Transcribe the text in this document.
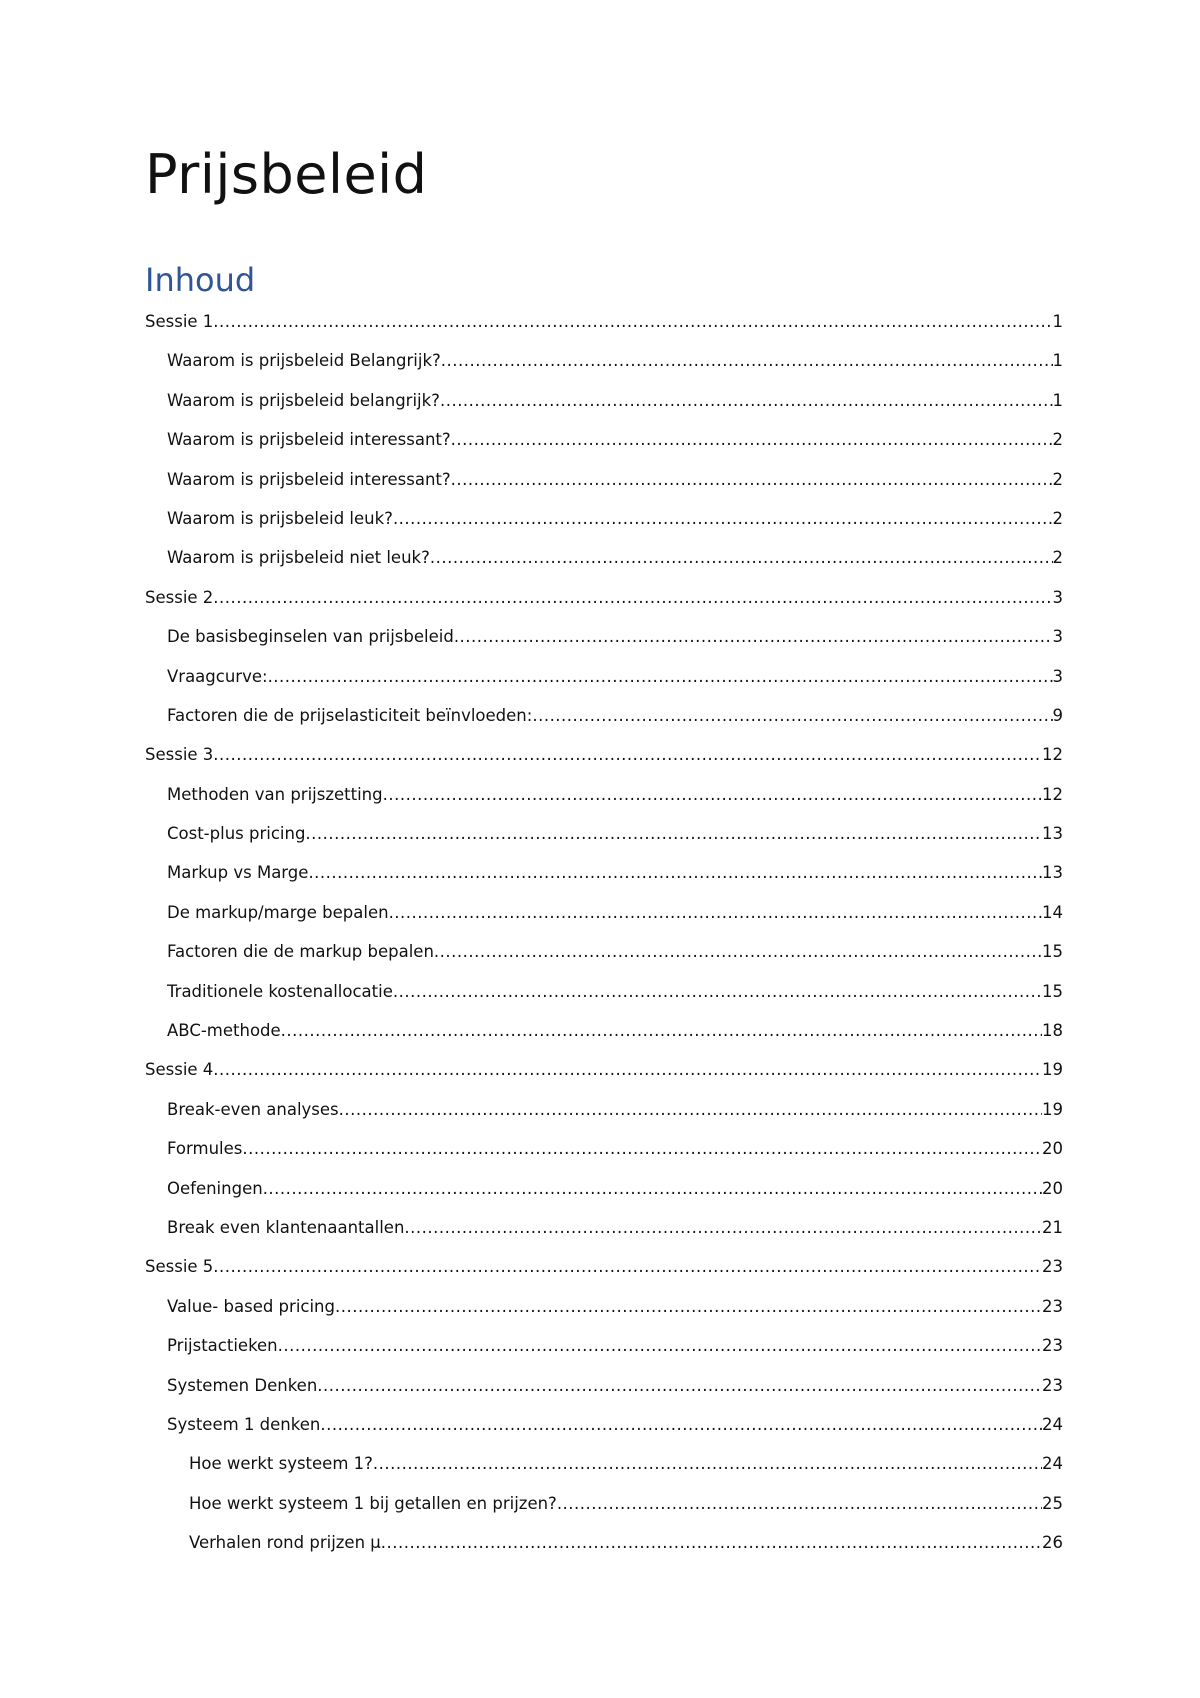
Prijsbeleid
Inhoud
Sessie 1 .....	1
Waarom is prijsbeleid Belangrijk? .....	1
Waarom is prijsbeleid belangrijk? .....	1
Waarom is prijsbeleid interessant? .....	2
Waarom is prijsbeleid interessant? .....	2
Waarom is prijsbeleid leuk? .....	2
Waarom is prijsbeleid niet leuk? .....	2
Sessie 2 .....	3
De basisbeginselen van prijsbeleid .....	3
Vraagcurve: .....	3
Factoren die de prijselasticiteit beïnvloeden: .....	9
Sessie 3 .....	12
Methoden van prijszetting .....	12
Cost-plus pricing .....	13
Markup vs Marge .....	13
De markup/marge bepalen .....	14
Factoren die de markup bepalen .....	15
Traditionele kostenallocatie .....	15
ABC-methode .....	18
Sessie 4 .....	19
Break-even analyses .....	19
Formules .....	20
Oefeningen .....	20
Break even klantenaantallen .....	21
Sessie 5 .....	23
Value- based pricing .....	23
Prijstactieken .....	23
Systemen Denken .....	23
Systeem 1 denken .....	24
Hoe werkt systeem 1? .....	24
Hoe werkt systeem 1 bij getallen en prijzen? .....	25
Verhalen rond prijzen µ .....	26
